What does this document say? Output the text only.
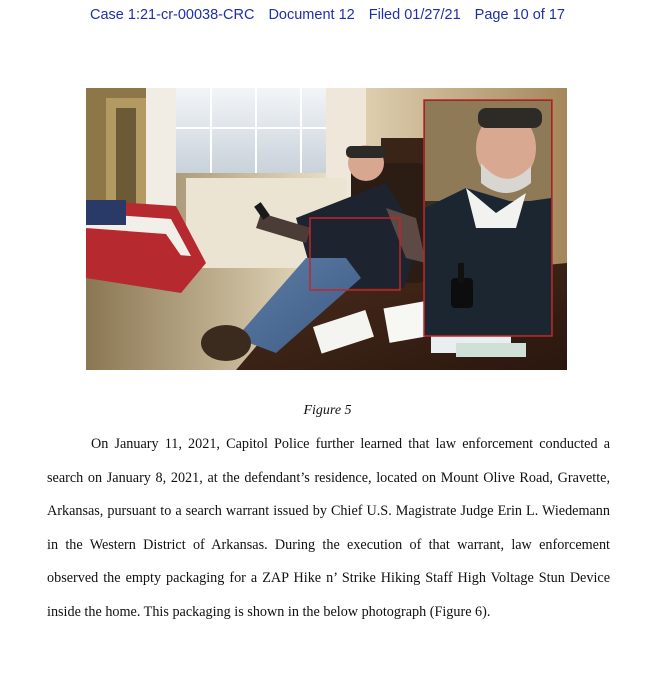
Case 1:21-cr-00038-CRC Document 12 Filed 01/27/21 Page 10 of 17
Figure 5
On January 11, 2021, Capitol Police further learned that law enforcement conducted a
search on January 8, 2021, at the defendant’s residence, located on Mount Olive Road, Gravette,
Arkansas, pursuant to a search warrant issued by Chief U.S. Magistrate Judge Erin L. Wiedemann
in the Western District of Arkansas. During the execution of that warrant, law enforcement
observed the empty packaging for a ZAP Hike n’ Strike Hiking Staff High Voltage Stun Device
inside the home. This packaging is shown in the below photograph (Figure 6).
